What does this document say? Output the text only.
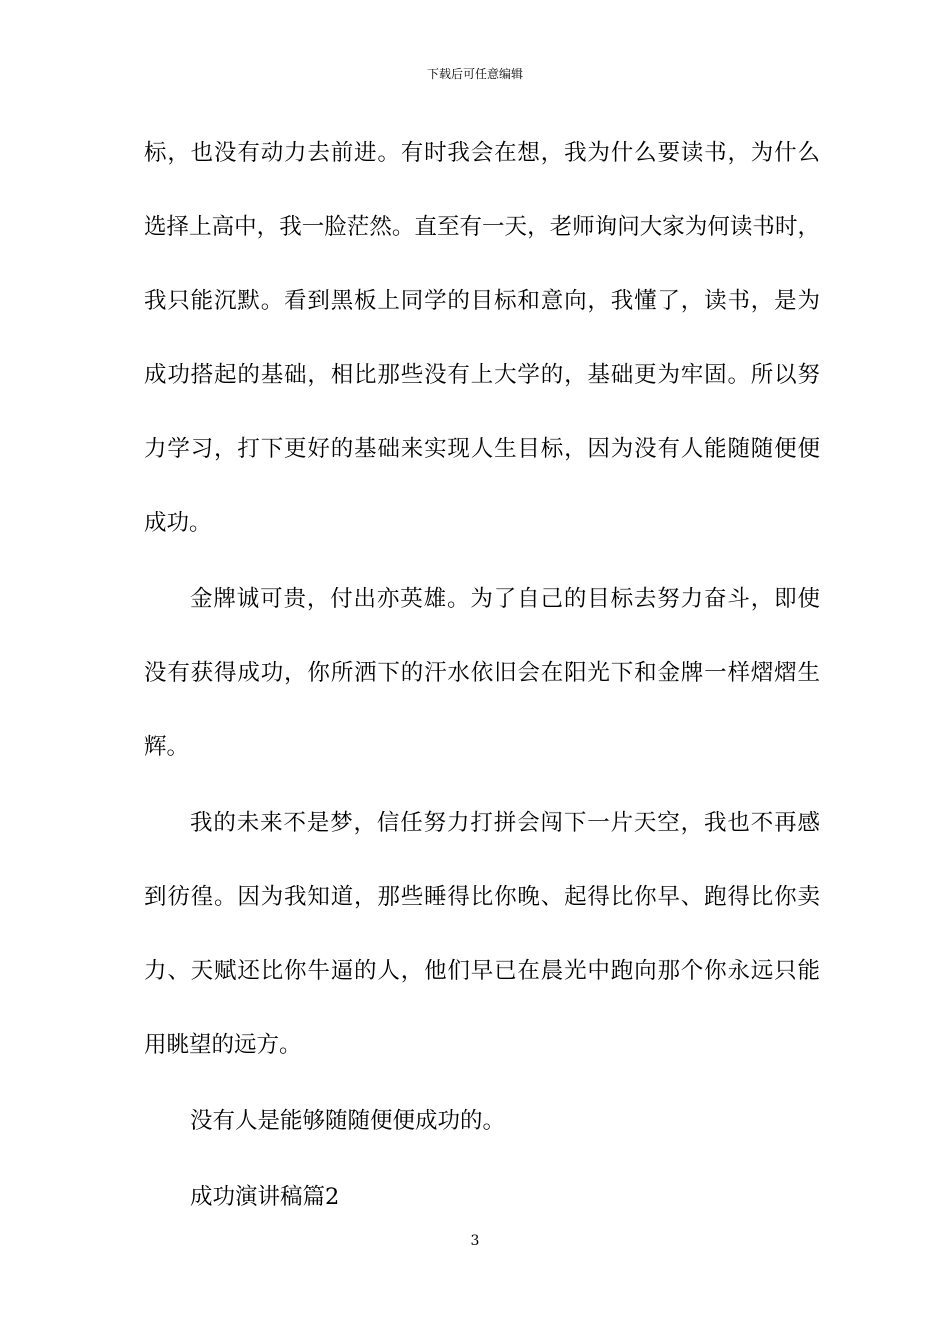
下载后可任意编辑
标，也没有动力去前进。有时我会在想，我为什么要读书，为什么
选择上高中，我一脸茫然。直至有一天，老师询问大家为何读书时，
我只能沉默。看到黑板上同学的目标和意向，我懂了，读书，是为
成功搭起的基础，相比那些没有上大学的，基础更为牢固。所以努
力学习，打下更好的基础来实现人生目标，因为没有人能随随便便
成功。
金牌诚可贵，付出亦英雄。为了自己的目标去努力奋斗，即使
没有获得成功，你所洒下的汗水依旧会在阳光下和金牌一样熠熠生
辉。
我的未来不是梦，信任努力打拼会闯下一片天空，我也不再感
到彷徨。因为我知道，那些睡得比你晚、起得比你早、跑得比你卖
力、天赋还比你牛逼的人，他们早已在晨光中跑向那个你永远只能
用眺望的远方。
没有人是能够随随便便成功的。
成功演讲稿篇2
3
